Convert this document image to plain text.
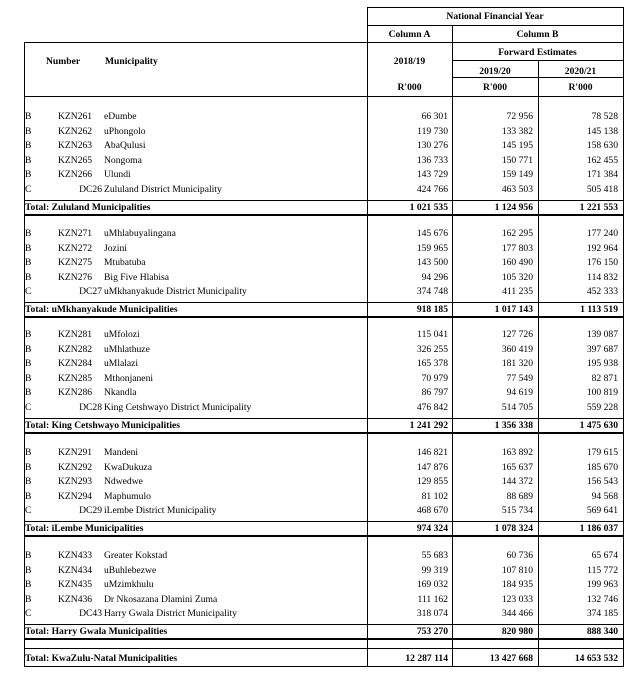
National Financial Year
Column A	Column B
Forward Estimates
Number	Municipality	2018/19
2019/20	2020/21
R'000	R'000	R'000
B	KZN261 eDumbe	66 301	72 956	78 528
B	KZN262 uPhongolo	119 730	133 382	145 138
B	KZN263 AbaQulusi	130 276	145 195	158 630
B	KZN265 Nongoma	136 733	150 771	162 455
B	KZN266 Ulundi	143 729	159 149	171 384
C	DC26 Zululand District Municipality	424 766	463 503	505 418
Total: Zululand Municipalities	1 021 535	1 124 956	1 221 553
B	KZN271 uMhlabuyalingana	145 676	162 295	177 240
B	KZN272 Jozini	159 965	177 803	192 964
B	KZN275 Mtubatuba	143 500	160 490	176 150
B	KZN276 Big Five Hlabisa	94 296	105 320	114 832
C	DC27 uMkhanyakude District Municipality	374 748	411 235	452 333
Total: uMkhanyakude Municipalities	918 185	1 017 143	1 113 519
B	KZN281 uMfolozi	115 041	127 726	139 087
B	KZN282 uMhlathuze	326 255	360 419	397 687
B	KZN284 uMlalazi	165 378	181 320	195 938
B	KZN285 Mthonjaneni	70 979	77 549	82 871
B	KZN286 Nkandla	86 797	94 619	100 819
C	DC28 King Cetshwayo District Municipality	476 842	514 705	559 228
Total: King Cetshwayo Municipalities	1 241 292	1 356 338	1 475 630
B	KZN291 Mandeni	146 821	163 892	179 615
B	KZN292 KwaDukuza	147 876	165 637	185 670
B	KZN293 Ndwedwe	129 855	144 372	156 543
B	KZN294 Maphumulo	81 102	88 689	94 568
C	DC29 iLembe District Municipality	468 670	515 734	569 641
Total: iLembe Municipalities	974 324	1 078 324	1 186 037
B	KZN433 Greater Kokstad	55 683	60 736	65 674
B	KZN434 uBuhlebezwe	99 319	107 810	115 772
B	KZN435 uMzimkhulu	169 032	184 935	199 963
B	KZN436 Dr Nkosazana Dlamini Zuma	111 162	123 033	132 746
C	DC43 Harry Gwala District Municipality	318 074	344 466	374 185
Total: Harry Gwala Municipalities	753 270	820 980	888 340
Total: KwaZulu-Natal Municipalities	12 287 114	13 427 668	14 653 532
